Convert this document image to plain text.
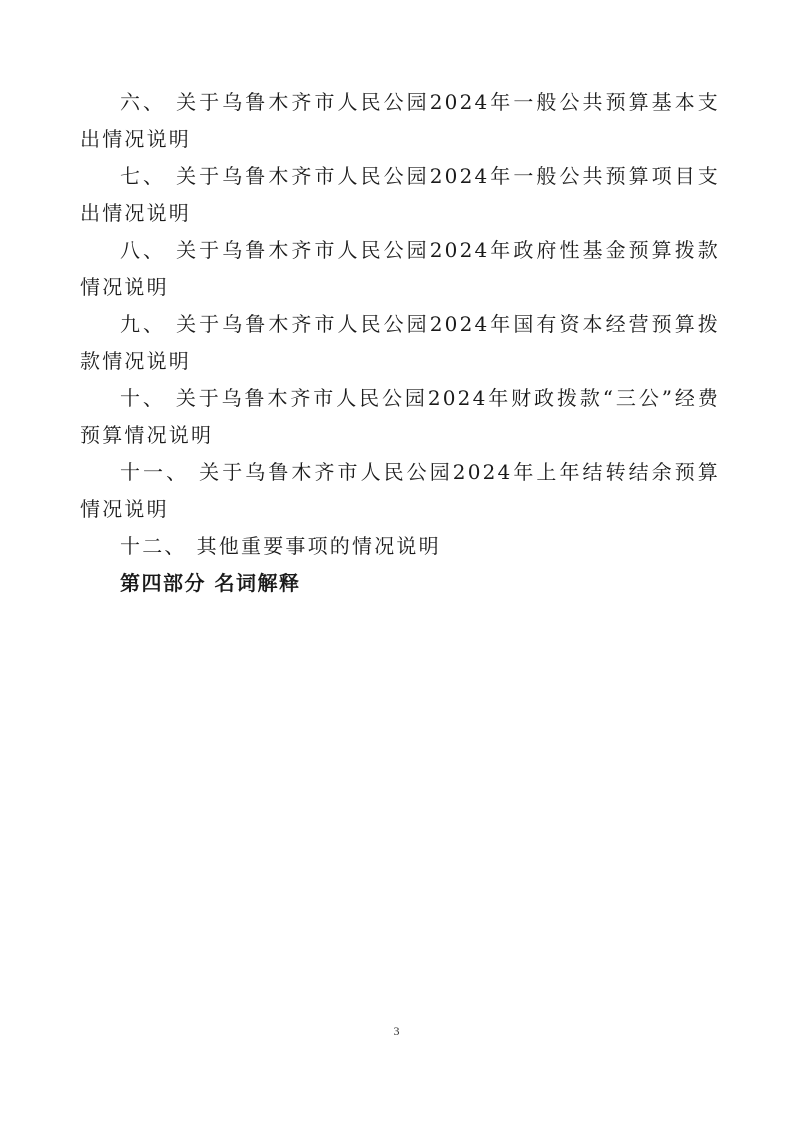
六、 关于乌鲁木齐市人民公园2024年一般公共预算基本支出情况说明

七、 关于乌鲁木齐市人民公园2024年一般公共预算项目支出情况说明

八、 关于乌鲁木齐市人民公园2024年政府性基金预算拨款情况说明

九、 关于乌鲁木齐市人民公园2024年国有资本经营预算拨款情况说明

十、 关于乌鲁木齐市人民公园2024年财政拨款“三公”经费预算情况说明

十一、 关于乌鲁木齐市人民公园2024年上年结转结余预算情况说明

十二、 其他重要事项的情况说明

第四部分 名词解释

3
